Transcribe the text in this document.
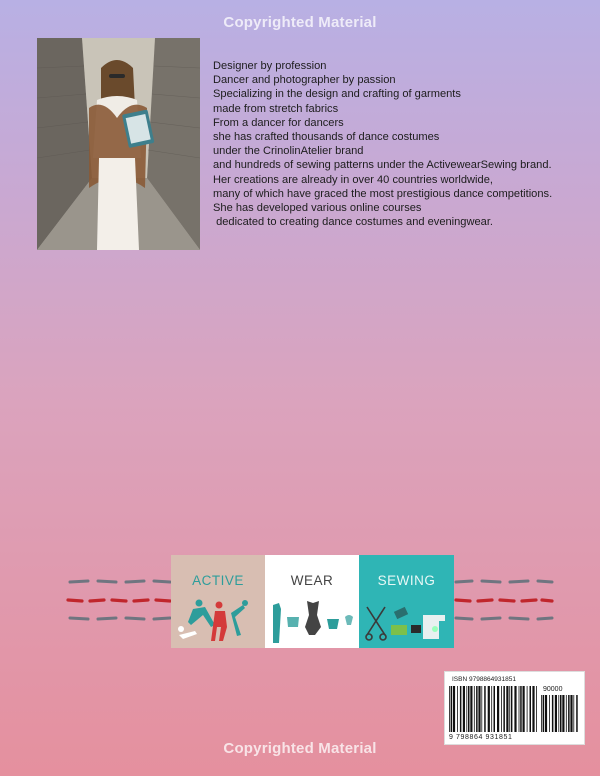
Copyrighted Material
Designer by profession
Dancer and photographer by passion
Specializing in the design and crafting of garments
made from stretch fabrics
From a dancer for dancers
she has crafted thousands of dance costumes
under the CrinolinAtelier brand
and hundreds of sewing patterns under the ActivewearSewing brand.
Her creations are already in over 40 countries worldwide,
many of which have graced the most prestigious dance competitions.
She has developed various online courses
dedicated to creating dance costumes and eveningwear.
ACTIVE	WEAR	SEWING
ISBN 9798864931851
90000
9 798864 931851
Copyrighted Material
